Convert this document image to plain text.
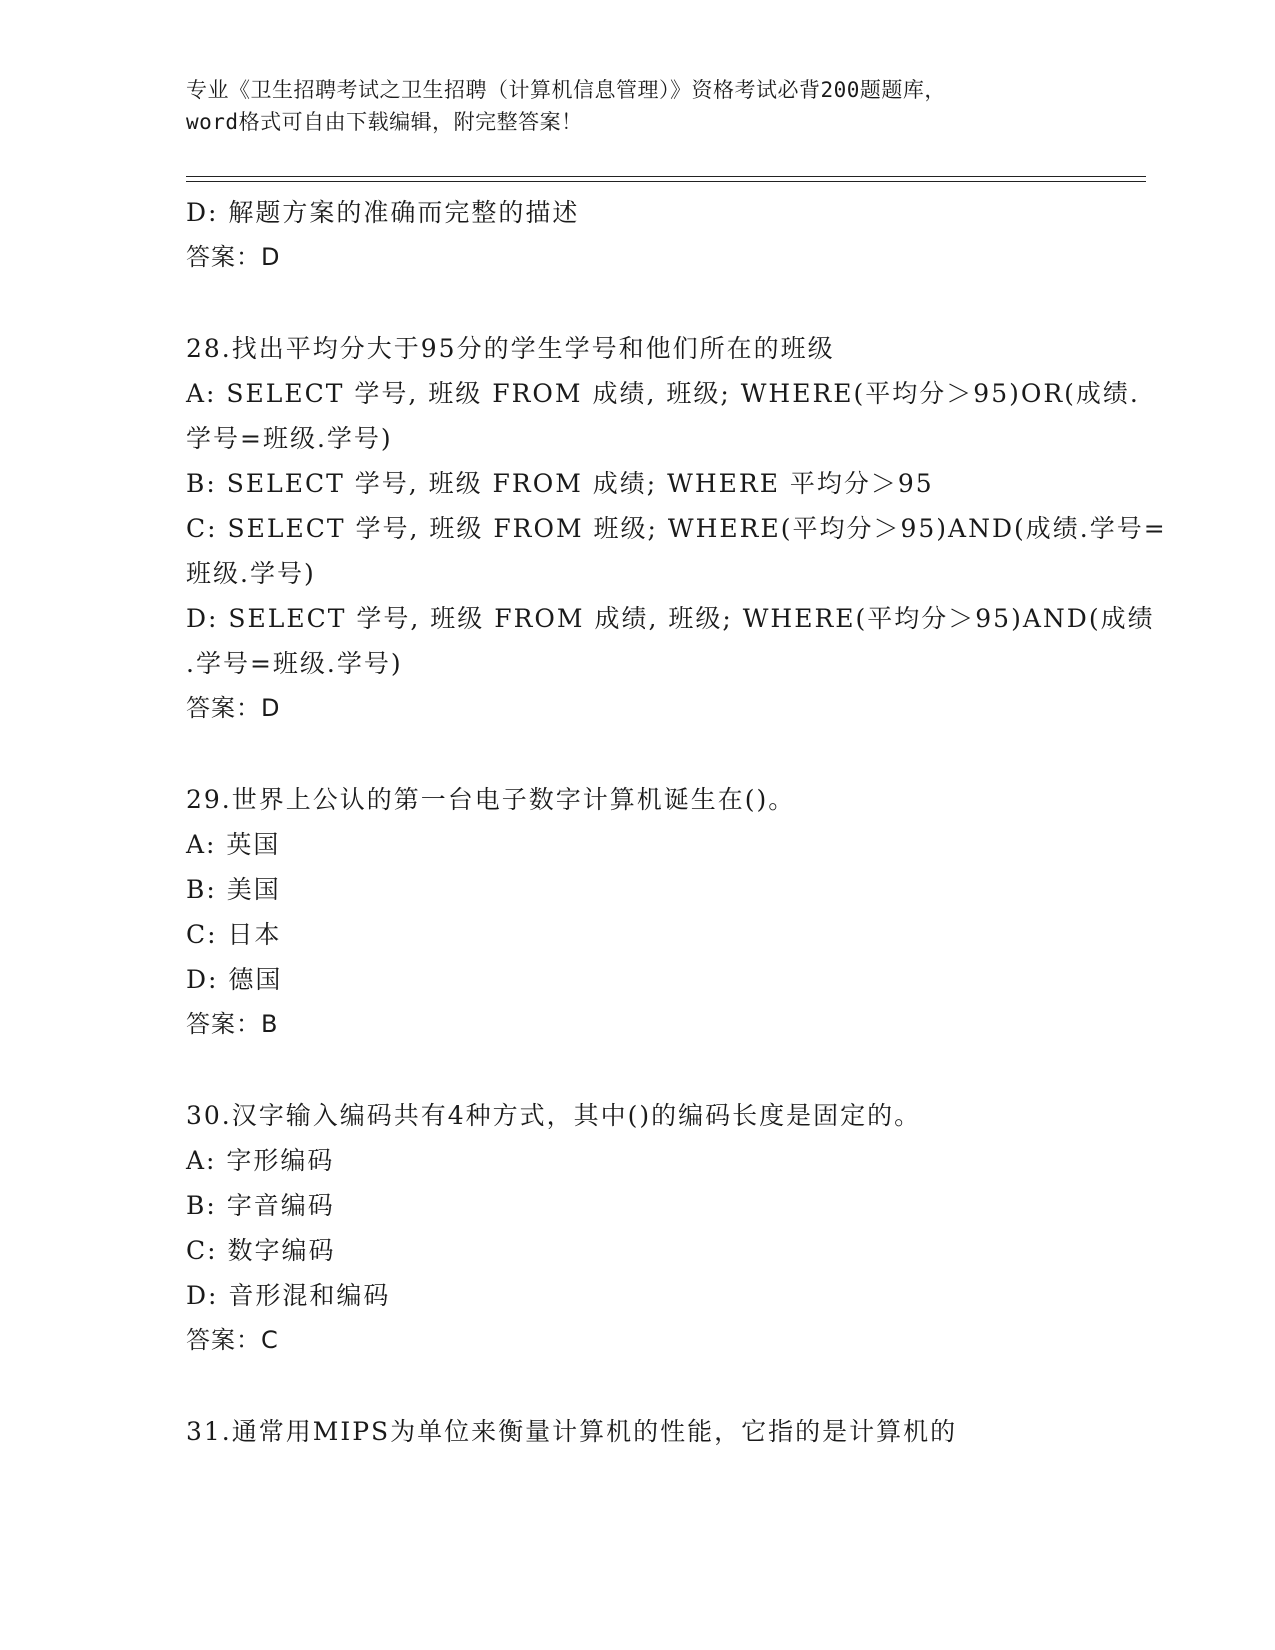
专业《卫生招聘考试之卫生招聘（计算机信息管理）》资格考试必背200题题库，
word格式可自由下载编辑，附完整答案！
D: 解题方案的准确而完整的描述
答案：D
28.找出平均分大于95分的学生学号和他们所在的班级
A: SELECT 学号, 班级 FROM 成绩, 班级; WHERE(平均分＞95)OR(成绩.
学号=班级.学号)
B: SELECT 学号, 班级 FROM 成绩; WHERE 平均分＞95
C: SELECT 学号, 班级 FROM 班级; WHERE(平均分＞95)AND(成绩.学号=
班级.学号)
D: SELECT 学号, 班级 FROM 成绩, 班级; WHERE(平均分＞95)AND(成绩
.学号=班级.学号)
答案：D
29.世界上公认的第一台电子数字计算机诞生在()。
A: 英国
B: 美国
C: 日本
D: 德国
答案：B
30.汉字输入编码共有4种方式，其中()的编码长度是固定的。
A: 字形编码
B: 字音编码
C: 数字编码
D: 音形混和编码
答案：C
31.通常用MIPS为单位来衡量计算机的性能，它指的是计算机的
